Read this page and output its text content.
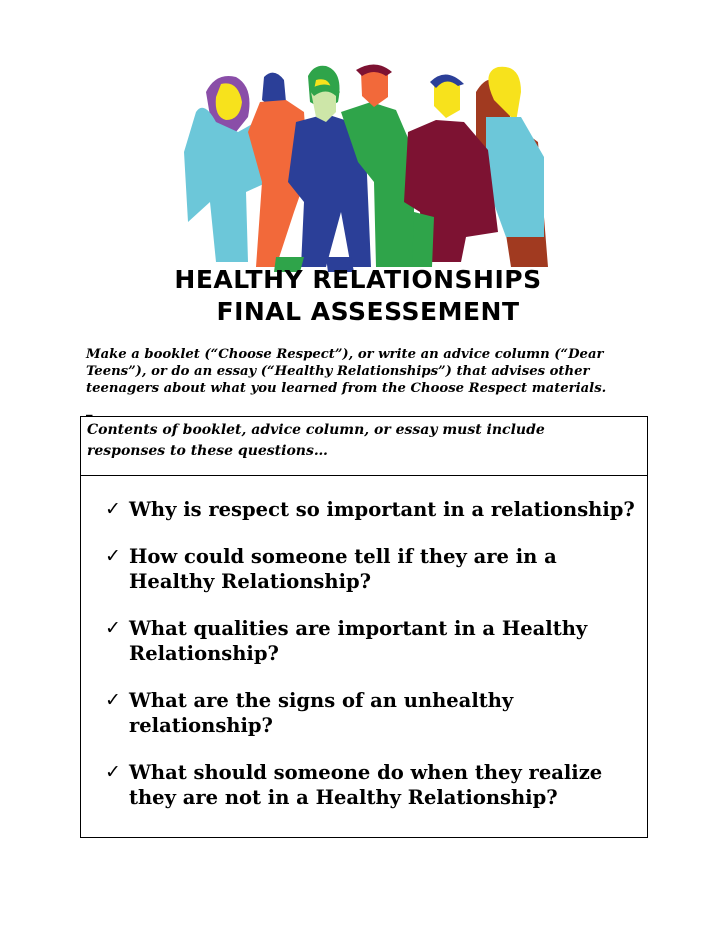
HEALTHY RELATIONSHIPS
FINAL ASSESSEMENT
Make a booklet (“Choose Respect”), or write an advice column (“Dear Teens”), or do an essay (“Healthy Relationships”) that advises other teenagers about what you learned from the Choose Respect materials.
_
Contents of booklet, advice column, or essay must include responses to these questions…
✓ Why is respect so important in a relationship?
✓ How could someone tell if they are in a Healthy Relationship?
✓ What qualities are important in a Healthy Relationship?
✓ What are the signs of an unhealthy relationship?
✓ What should someone do when they realize they are not in a Healthy Relationship?
